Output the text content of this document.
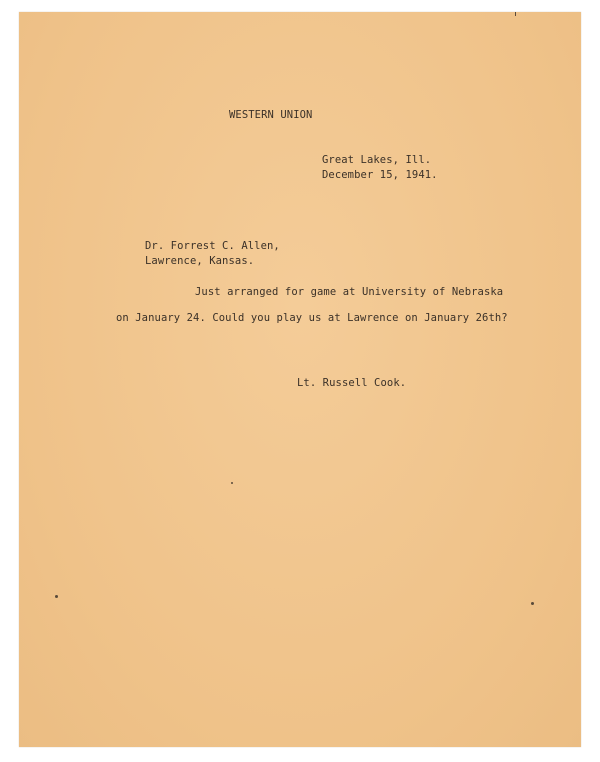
WESTERN UNION
Great Lakes, Ill.
December 15, 1941.
Dr. Forrest C. Allen,
Lawrence, Kansas.
Just arranged for game at University of Nebraska
on January 24. Could you play us at Lawrence on January 26th?
Lt. Russell Cook.
